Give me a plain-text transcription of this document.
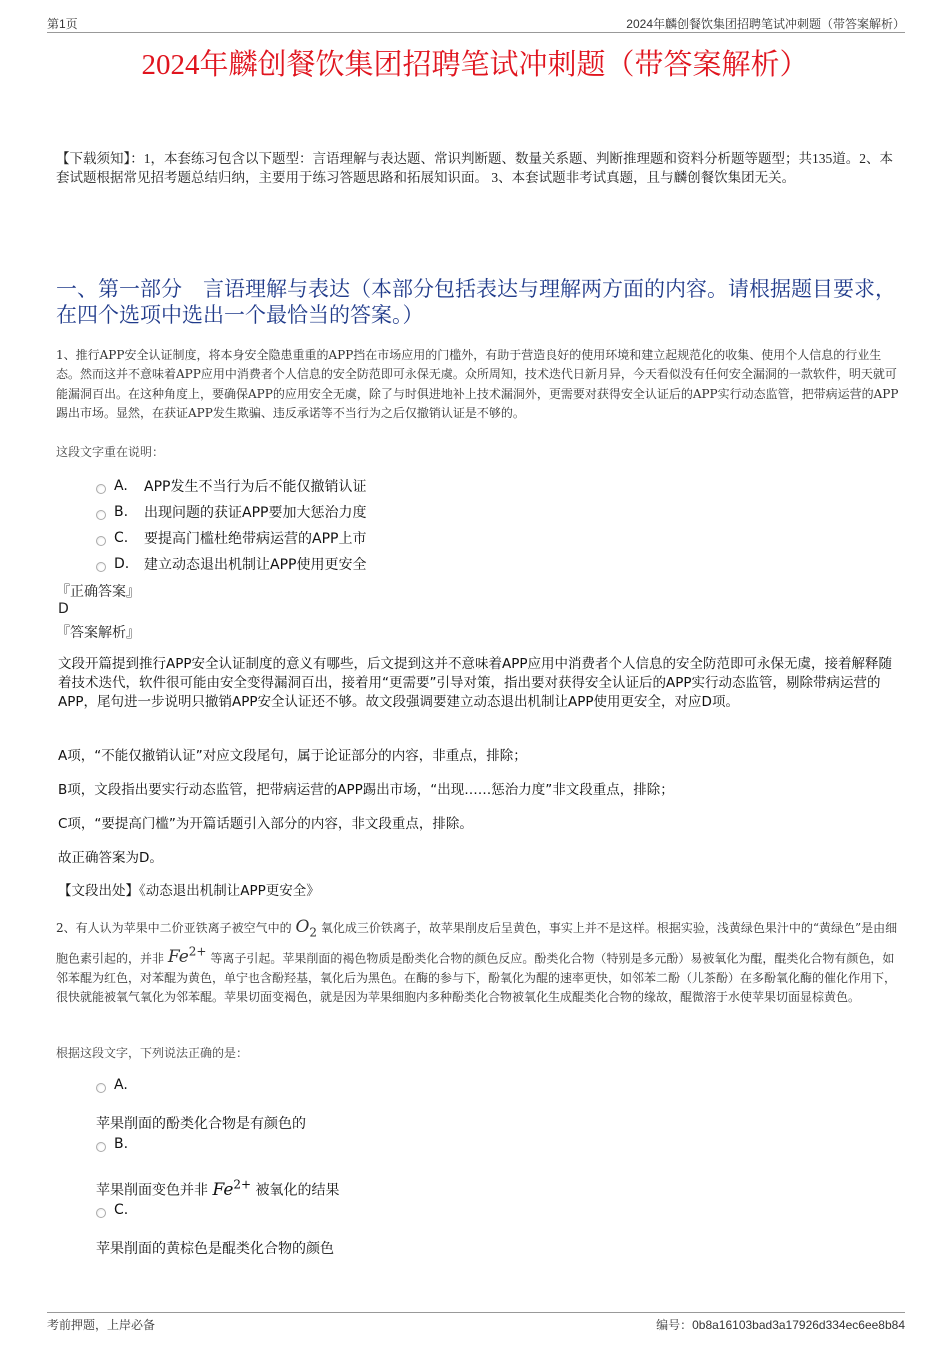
第1页	2024年麟创餐饮集团招聘笔试冲刺题（带答案解析）
2024年麟创餐饮集团招聘笔试冲刺题（带答案解析）
【下载须知】：1，本套练习包含以下题型：言语理解与表达题、常识判断题、数量关系题、判断推理题和资料分析题等题型；共135道。2、本套试题根据常见招考题总结归纳，主要用于练习答题思路和拓展知识面。 3、本套试题非考试真题，且与麟创餐饮集团无关。
一、第一部分　言语理解与表达（本部分包括表达与理解两方面的内容。请根据题目要求，在四个选项中选出一个最恰当的答案。）
1、推行APP安全认证制度，将本身安全隐患重重的APP挡在市场应用的门槛外，有助于营造良好的使用环境和建立起规范化的收集、使用个人信息的行业生态。然而这并不意味着APP应用中消费者个人信息的安全防范即可永保无虞。众所周知，技术迭代日新月异，今天看似没有任何安全漏洞的一款软件，明天就可能漏洞百出。在这种角度上，要确保APP的应用安全无虞，除了与时俱进地补上技术漏洞外，更需要对获得安全认证后的APP实行动态监管，把带病运营的APP踢出市场。显然，在获证APP发生欺骗、违反承诺等不当行为之后仅撤销认证是不够的。
这段文字重在说明：
A.	APP发生不当行为后不能仅撤销认证
B.	出现问题的获证APP要加大惩治力度
C.	要提高门槛杜绝带病运营的APP上市
D.	建立动态退出机制让APP使用更安全
『正确答案』
D
『答案解析』
文段开篇提到推行APP安全认证制度的意义有哪些，后文提到这并不意味着APP应用中消费者个人信息的安全防范即可永保无虞，接着解释随着技术迭代，软件很可能由安全变得漏洞百出，接着用“更需要”引导对策，指出要对获得安全认证后的APP实行动态监管，剔除带病运营的APP，尾句进一步说明只撤销APP安全认证还不够。故文段强调要建立动态退出机制让APP使用更安全，对应D项。
A项，“不能仅撤销认证”对应文段尾句，属于论证部分的内容，非重点，排除；
B项，文段指出要实行动态监管，把带病运营的APP踢出市场，“出现……惩治力度”非文段重点，排除；
C项，“要提高门槛”为开篇话题引入部分的内容，非文段重点，排除。
故正确答案为D。
【文段出处】《动态退出机制让APP更安全》
2、有人认为苹果中二价亚铁离子被空气中的 $O_2$ 氧化成三价铁离子，故苹果削皮后呈黄色，事实上并不是这样。根据实验，浅黄绿色果汁中的“黄绿色”是由细胞色素引起的，并非 $Fe^{2+}$ 等离子引起。苹果削面的褐色物质是酚类化合物的颜色反应。酚类化合物（特别是多元酚）易被氧化为醌，醌类化合物有颜色，如邻苯醌为红色，对苯醌为黄色，单宁也含酚羟基，氧化后为黑色。在酶的参与下，酚氧化为醌的速率更快，如邻苯二酚（儿茶酚）在多酚氧化酶的催化作用下，很快就能被氧气氧化为邻苯醌。苹果切面变褐色，就是因为苹果细胞内多种酚类化合物被氧化生成醌类化合物的缘故，醌微溶于水使苹果切面显棕黄色。
根据这段文字，下列说法正确的是：
A.
苹果削面的酚类化合物是有颜色的
B.
苹果削面变色并非 $Fe^{2+}$ 被氧化的结果
C.
苹果削面的黄棕色是醌类化合物的颜色
考前押题，上岸必备	编号：0b8a16103bad3a17926d334ec6ee8b84
